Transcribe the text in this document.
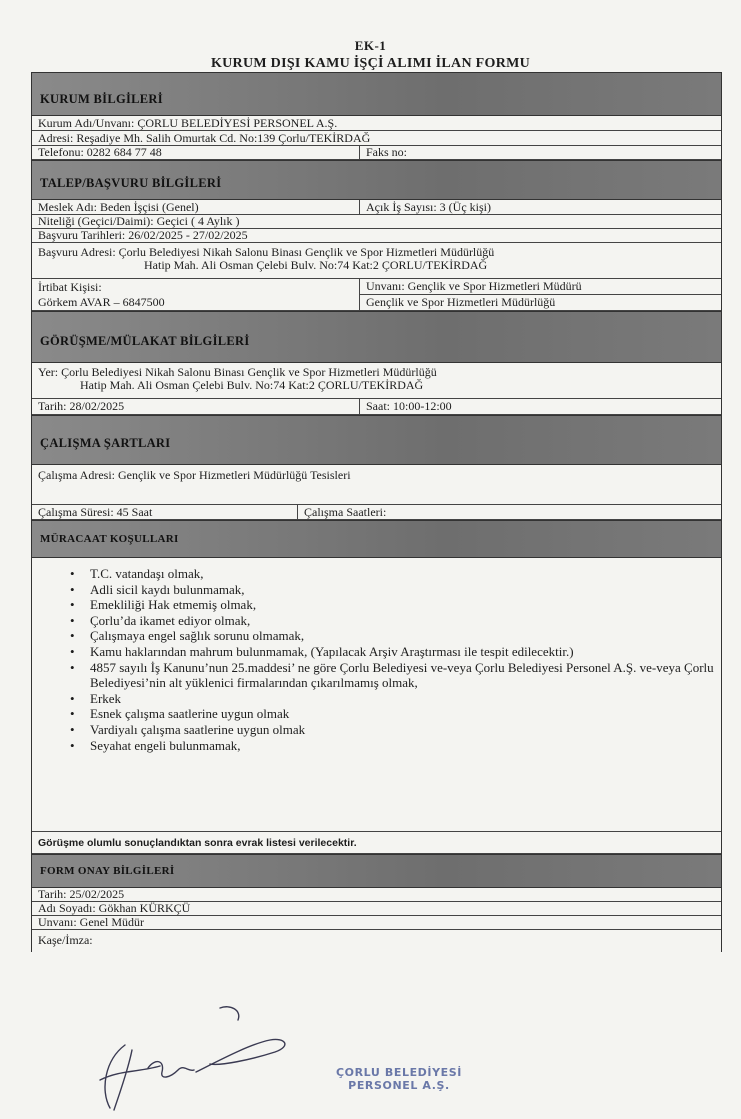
EK-1
KURUM DIŞI KAMU İŞÇİ ALIMI İLAN FORMU
KURUM BİLGİLERİ
Kurum Adı/Unvanı: ÇORLU BELEDİYESİ PERSONEL A.Ş.
Adresi: Reşadiye Mh. Salih Omurtak Cd. No:139 Çorlu/TEKİRDAĞ
Telefonu: 0282 684 77 48	Faks no:
TALEP/BAŞVURU BİLGİLERİ
Meslek Adı: Beden İşçisi (Genel)	Açık İş Sayısı: 3 (Üç kişi)
Niteliği (Geçici/Daimi): Geçici ( 4 Aylık )
Başvuru Tarihleri: 26/02/2025 - 27/02/2025
Başvuru Adresi: Çorlu Belediyesi Nikah Salonu Binası Gençlik ve Spor Hizmetleri Müdürlüğü
Hatip Mah. Ali Osman Çelebi Bulv. No:74 Kat:2 ÇORLU/TEKİRDAĞ
İrtibat Kişisi:	Unvanı: Gençlik ve Spor Hizmetleri Müdürü
Görkem AVAR – 6847500	Gençlik ve Spor Hizmetleri Müdürlüğü
GÖRÜŞME/MÜLAKAT BİLGİLERİ
Yer: Çorlu Belediyesi Nikah Salonu Binası Gençlik ve Spor Hizmetleri Müdürlüğü
Hatip Mah. Ali Osman Çelebi Bulv. No:74 Kat:2 ÇORLU/TEKİRDAĞ
Tarih: 28/02/2025	Saat: 10:00-12:00
ÇALIŞMA ŞARTLARI
Çalışma Adresi: Gençlik ve Spor Hizmetleri Müdürlüğü Tesisleri
Çalışma Süresi: 45 Saat	Çalışma Saatleri:
MÜRACAAT KOŞULLARI
• T.C. vatandaşı olmak,
• Adli sicil kaydı bulunmamak,
• Emekliliği Hak etmemiş olmak,
• Çorlu’da ikamet ediyor olmak,
• Çalışmaya engel sağlık sorunu olmamak,
• Kamu haklarından mahrum bulunmamak, (Yapılacak Arşiv Araştırması ile tespit edilecektir.)
• 4857 sayılı İş Kanunu’nun 25.maddesi’ ne göre Çorlu Belediyesi ve-veya Çorlu Belediyesi Personel A.Ş. ve-veya Çorlu Belediyesi’nin alt yüklenici firmalarından çıkarılmamış olmak,
• Erkek
• Esnek çalışma saatlerine uygun olmak
• Vardiyalı çalışma saatlerine uygun olmak
• Seyahat engeli bulunmamak,
Görüşme olumlu sonuçlandıktan sonra evrak listesi verilecektir.
FORM ONAY BİLGİLERİ
Tarih: 25/02/2025
Adı Soyadı: Gökhan KÜRKÇÜ
Unvanı: Genel Müdür
Kaşe/İmza:
ÇORLU BELEDİYESİ
PERSONEL A.Ş.
